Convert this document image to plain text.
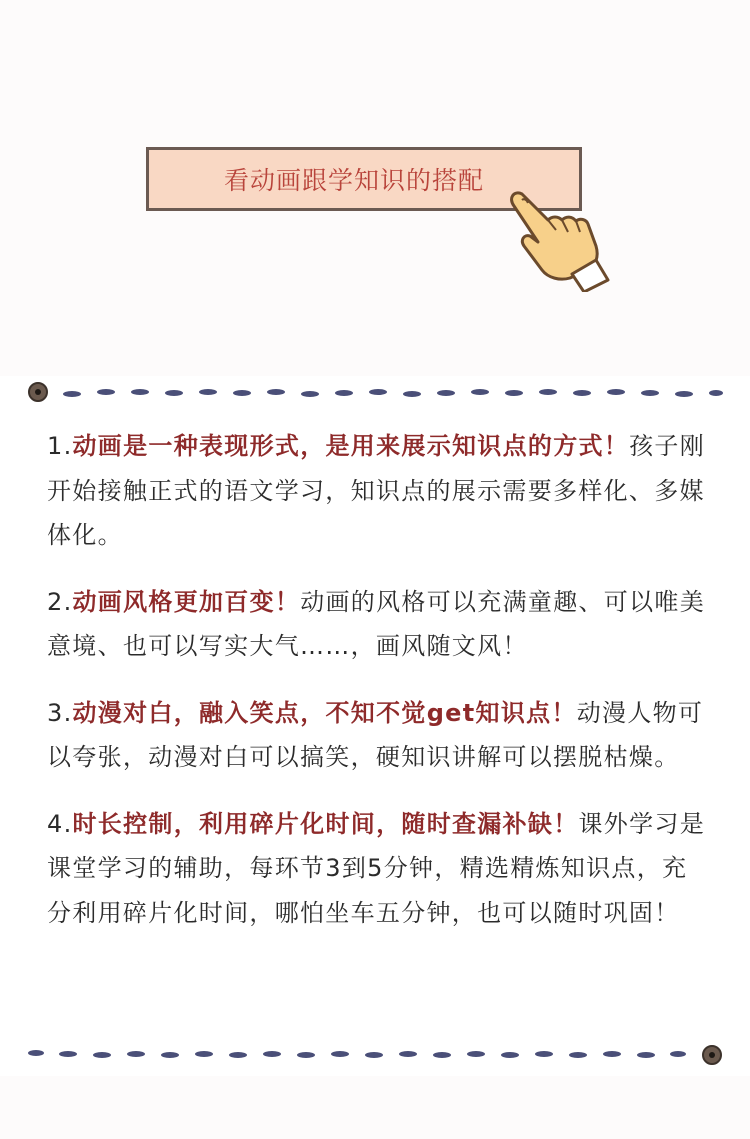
看动画跟学知识的搭配

1.动画是一种表现形式，是用来展示知识点的方式！孩子刚开始接触正式的语文学习，知识点的展示需要多样化、多媒体化。

2.动画风格更加百变！动画的风格可以充满童趣、可以唯美意境、也可以写实大气……，画风随文风！

3.动漫对白，融入笑点，不知不觉get知识点！动漫人物可以夸张，动漫对白可以搞笑，硬知识讲解可以摆脱枯燥。

4.时长控制，利用碎片化时间，随时查漏补缺！课外学习是课堂学习的辅助，每环节3到5分钟，精选精炼知识点，充分利用碎片化时间，哪怕坐车五分钟，也可以随时巩固！
